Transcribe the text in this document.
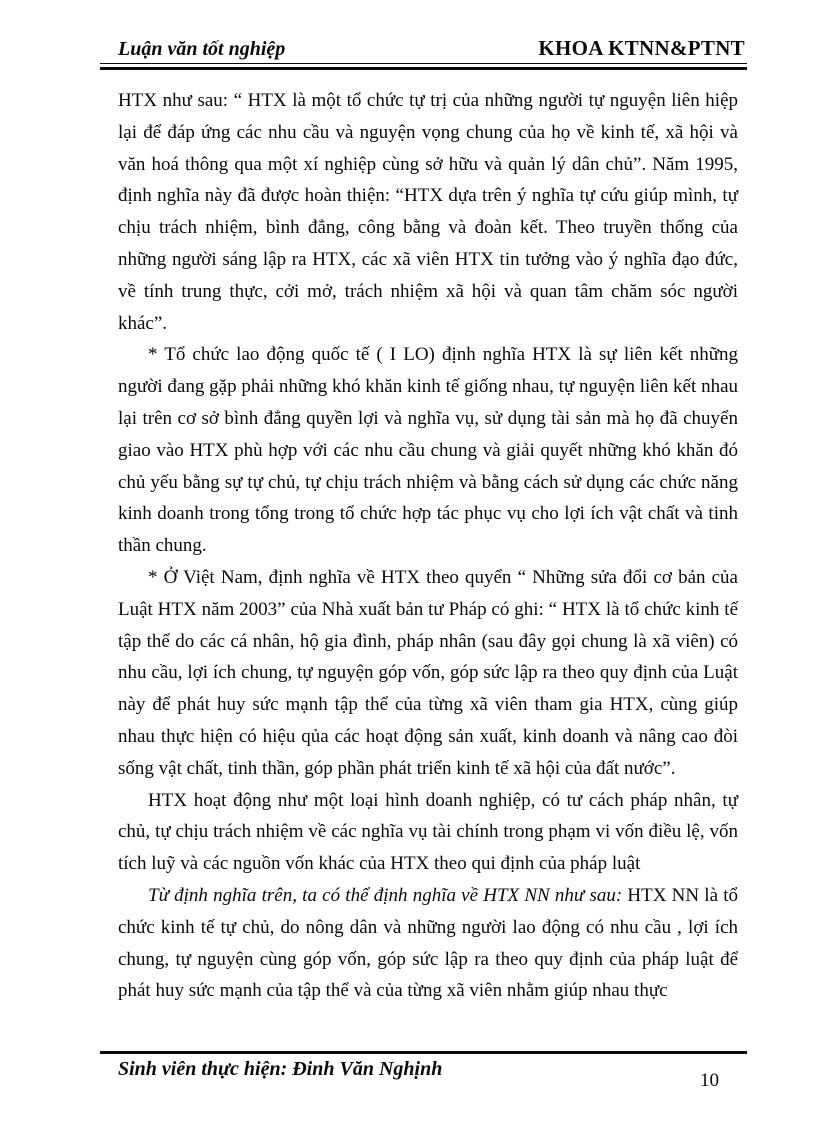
Luận văn tốt nghiệp	KHOA KTNN&PTNT

HTX như sau: “ HTX là một tổ chức tự trị của những người tự nguyện liên hiệp lại để đáp ứng các nhu cầu và nguyện vọng chung của họ về kinh tế, xã hội và văn hoá thông qua một xí nghiệp cùng sở hữu và quản lý dân chủ”. Năm 1995, định nghĩa này đã được hoàn thiện: “HTX dựa trên ý nghĩa tự cứu giúp mình, tự chịu trách nhiệm, bình đẳng, công bằng và đoàn kết. Theo truyền thống của những người sáng lập ra HTX, các xã viên HTX tin tưởng vào ý nghĩa đạo đức, về tính trung thực, cởi mở, trách nhiệm xã hội và quan tâm chăm sóc người khác”.

* Tổ chức lao động quốc tế ( I LO) định nghĩa HTX là sự liên kết những người đang gặp phải những khó khăn kinh tế giống nhau, tự nguyện liên kết nhau lại trên cơ sở bình đẳng quyền lợi và nghĩa vụ, sử dụng tài sản mà họ đã chuyển giao vào HTX phù hợp với các nhu cầu chung và giải quyết những khó khăn đó chủ yếu bằng sự tự chủ, tự chịu trách nhiệm và bằng cách sử dụng các chức năng kinh doanh trong tổng trong tổ chức hợp tác phục vụ cho lợi ích vật chất và tinh thần chung.

* Ở Việt Nam, định nghĩa về HTX theo quyển “ Những sửa đổi cơ bản của Luật HTX năm 2003” của Nhà xuất bản tư Pháp có ghi: “ HTX là tổ chức kinh tế tập thể do các cá nhân, hộ gia đình, pháp nhân (sau đây gọi chung là xã viên) có nhu cầu, lợi ích chung, tự nguyện góp vốn, góp sức lập ra theo quy định của Luật này để phát huy sức mạnh tập thể của từng xã viên tham gia HTX, cùng giúp nhau thực hiện có hiệu qủa các hoạt động sản xuất, kinh doanh và nâng cao đòi sống vật chất, tinh thần, góp phần phát triển kinh tế xã hội của đất nước”.

HTX hoạt động như một loại hình doanh nghiệp, có tư cách pháp nhân, tự chủ, tự chịu trách nhiệm về các nghĩa vụ tài chính trong phạm vi vốn điều lệ, vốn tích luỹ và các nguồn vốn khác của HTX theo qui định của pháp luật

Từ định nghĩa trên, ta có thể định nghĩa về HTX NN như sau: HTX NN là tổ chức kinh tế tự chủ, do nông dân và những người lao động có nhu cầu , lợi ích chung, tự nguyện cùng góp vốn, góp sức lập ra theo quy định của pháp luật để phát huy sức mạnh của tập thể và của từng xã viên nhằm giúp nhau thực

Sinh viên thực hiện: Đinh Văn Nghịnh
10
